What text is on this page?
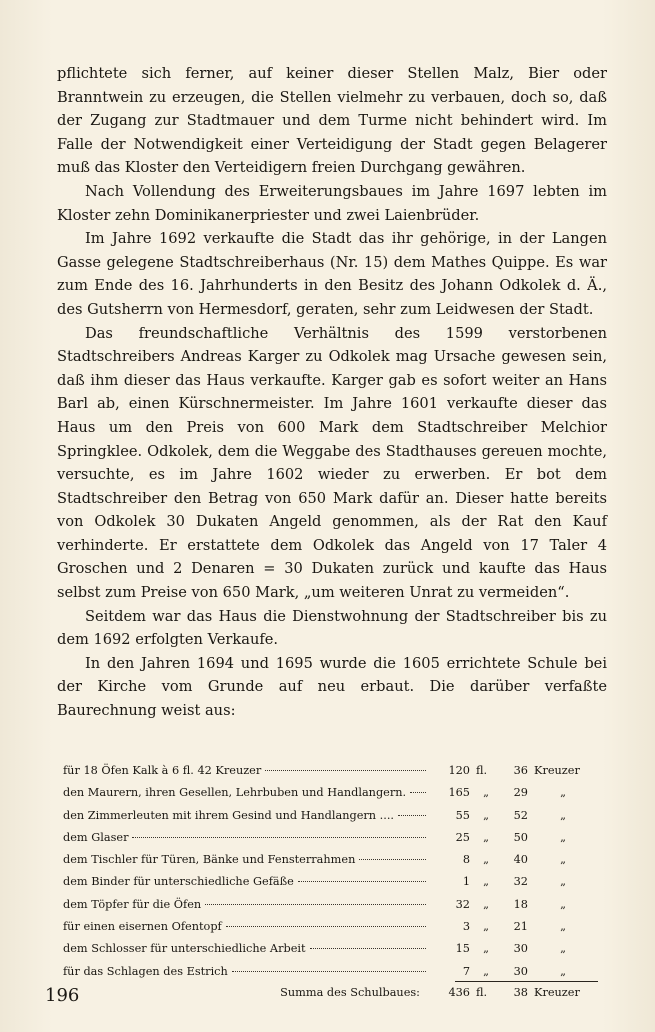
pflichtete sich ferner, auf keiner dieser Stellen Malz, Bier oder Branntwein zu erzeugen, die Stellen vielmehr zu verbauen, doch so, daß der Zugang zur Stadtmauer und dem Turme nicht behindert wird. Im Falle der Notwendigkeit einer Verteidigung der Stadt gegen Belagerer muß das Kloster den Verteidigern freien Durchgang gewähren.

Nach Vollendung des Erweiterungsbaues im Jahre 1697 lebten im Kloster zehn Dominikanerpriester und zwei Laienbrüder.

Im Jahre 1692 verkaufte die Stadt das ihr gehörige, in der Langen Gasse gelegene Stadtschreiberhaus (Nr. 15) dem Mathes Quippe. Es war zum Ende des 16. Jahrhunderts in den Besitz des Johann Odkolek d. Ä., des Gutsherrn von Hermesdorf, geraten, sehr zum Leidwesen der Stadt.

Das freundschaftliche Verhältnis des 1599 verstorbenen Stadtschreibers Andreas Karger zu Odkolek mag Ursache gewesen sein, daß ihm dieser das Haus verkaufte. Karger gab es sofort weiter an Hans Barl ab, einen Kürschnermeister. Im Jahre 1601 verkaufte dieser das Haus um den Preis von 600 Mark dem Stadtschreiber Melchior Springklee. Odkolek, dem die Weggabe des Stadthauses gereuen mochte, versuchte, es im Jahre 1602 wieder zu erwerben. Er bot dem Stadtschreiber den Betrag von 650 Mark dafür an. Dieser hatte bereits von Odkolek 30 Dukaten Angeld genommen, als der Rat den Kauf verhinderte. Er erstattete dem Odkolek das Angeld von 17 Taler 4 Groschen und 2 Denaren = 30 Dukaten zurück und kaufte das Haus selbst zum Preise von 650 Mark, „um weiteren Unrat zu vermeiden“.

Seitdem war das Haus die Dienstwohnung der Stadtschreiber bis zu dem 1692 erfolgten Verkaufe.

In den Jahren 1694 und 1695 wurde die 1605 errichtete Schule bei der Kirche vom Grunde auf neu erbaut. Die darüber verfaßte Baurechnung weist aus:

für 18 Öfen Kalk à 6 fl. 42 Kreuzer	120 fl.	36 Kreuzer
den Maurern, ihren Gesellen, Lehrbuben und Handlangern.	165	„	29	„
den Zimmerleuten mit ihrem Gesind und Handlangern ....	55	„	52	„
dem Glaser	25	„	50	„
dem Tischler für Türen, Bänke und Fensterrahmen	8	„	40	„
dem Binder für unterschiedliche Gefäße	1	„	32	„
dem Töpfer für die Öfen	32	„	18	„
für einen eisernen Ofentopf	3	„	21	„
dem Schlosser für unterschiedliche Arbeit	15	„	30	„
für das Schlagen des Estrich	7	„	30	„
Summa des Schulbaues:	436 fl.	38 Kreuzer
196
